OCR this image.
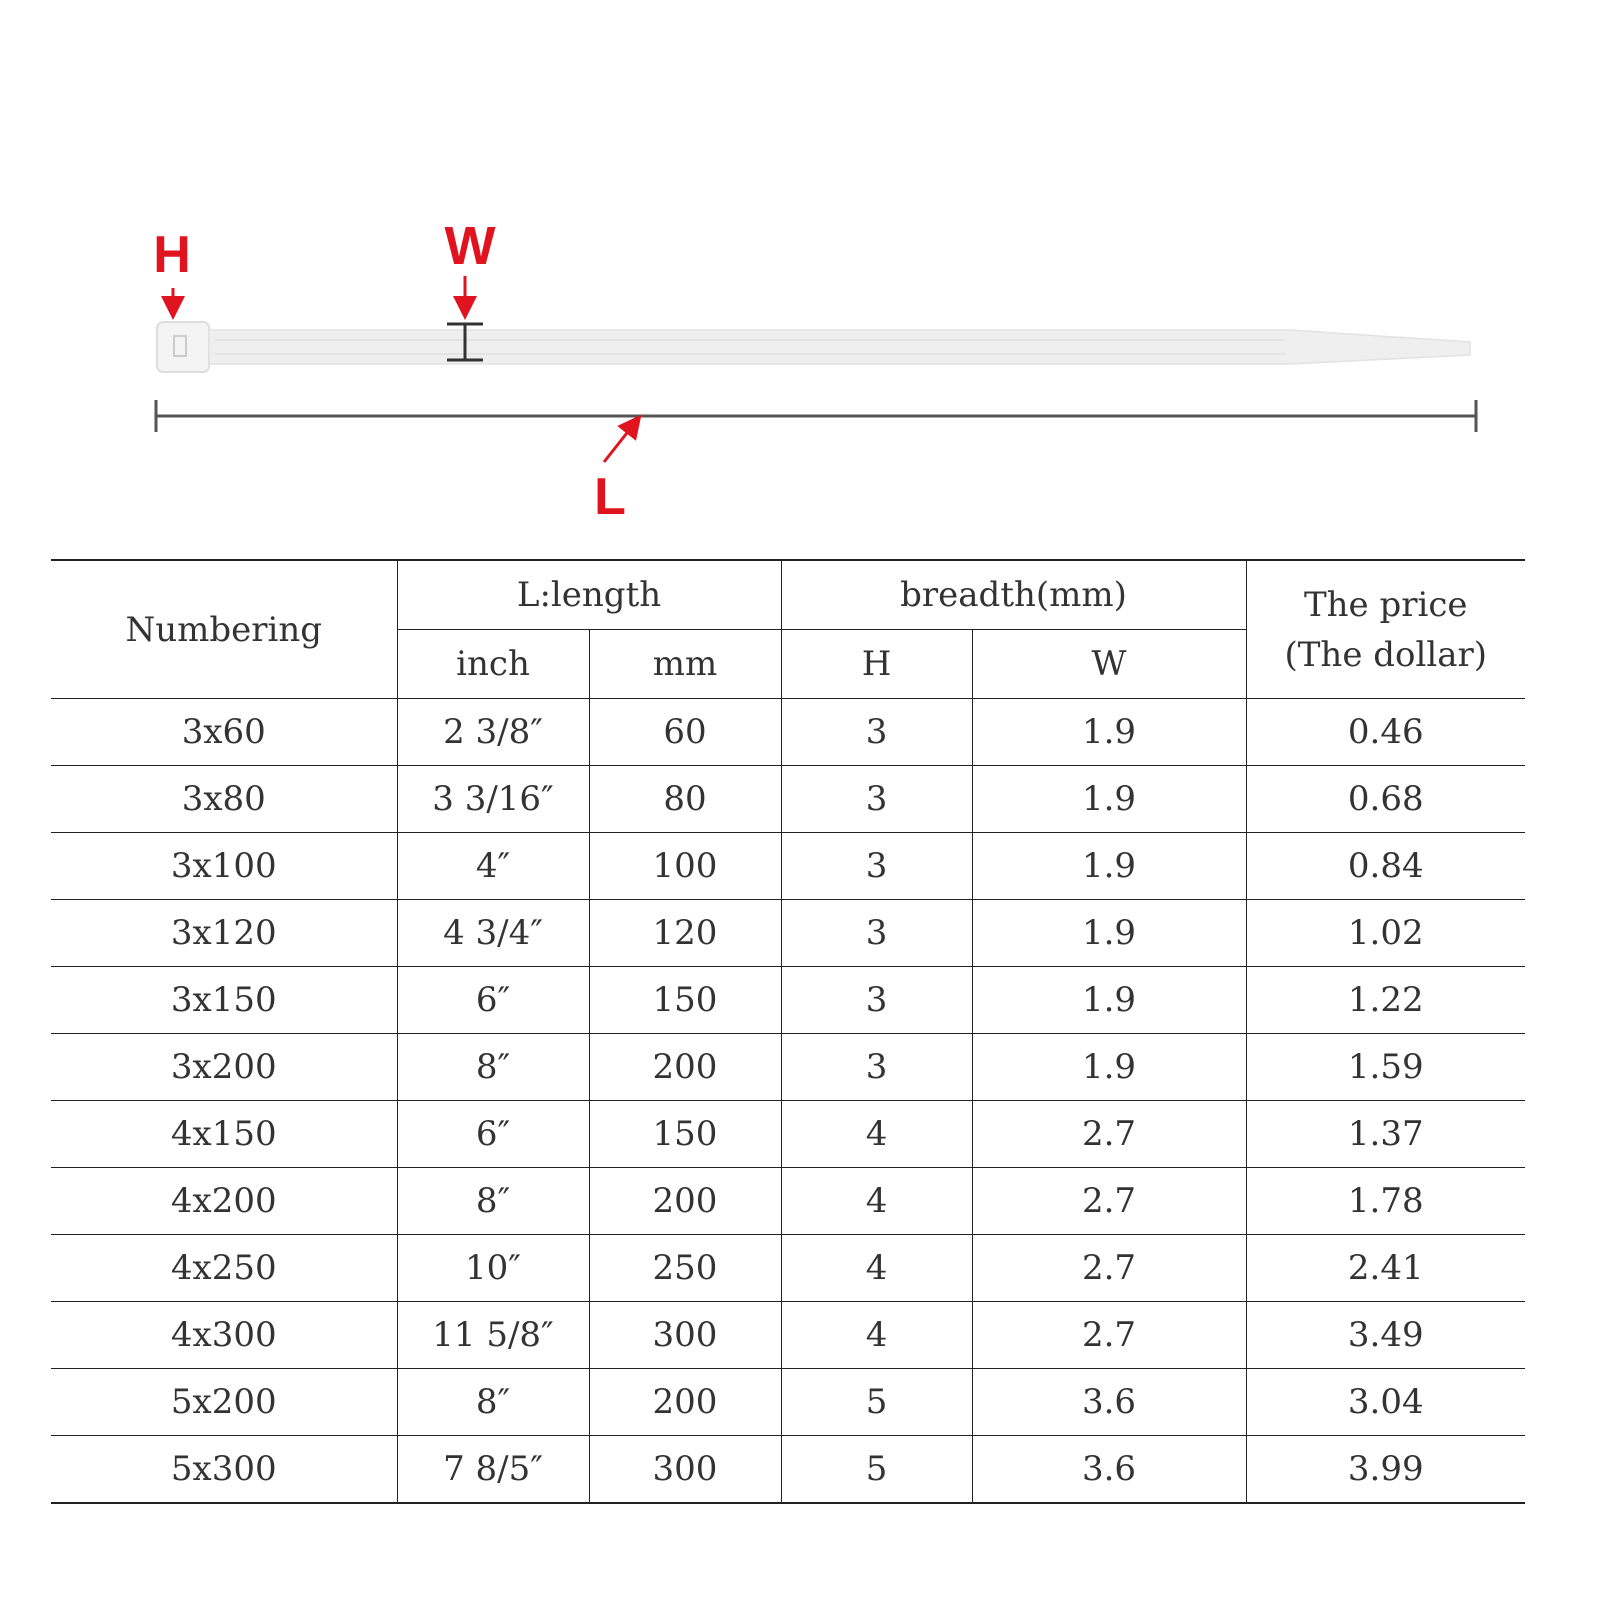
H	W
L
Numbering	L:length		breadth(mm)		The price
(The dollar)

	inch	mm	H	W	
3x60	2 3/8″	60	3	1.9	0.46
3x80	3 3/16″	80	3	1.9	0.68
3x100	4″	100	3	1.9	0.84
3x120	4 3/4″	120	3	1.9	1.02
3x150	6″	150	3	1.9	1.22
3x200	8″	200	3	1.9	1.59
4x150	6″	150	4	2.7	1.37
4x200	8″	200	4	2.7	1.78
4x250	10″	250	4	2.7	2.41
4x300	11 5/8″	300	4	2.7	3.49
5x200	8″	200	5	3.6	3.04
5x300	7 8/5″	300	5	3.6	3.99
